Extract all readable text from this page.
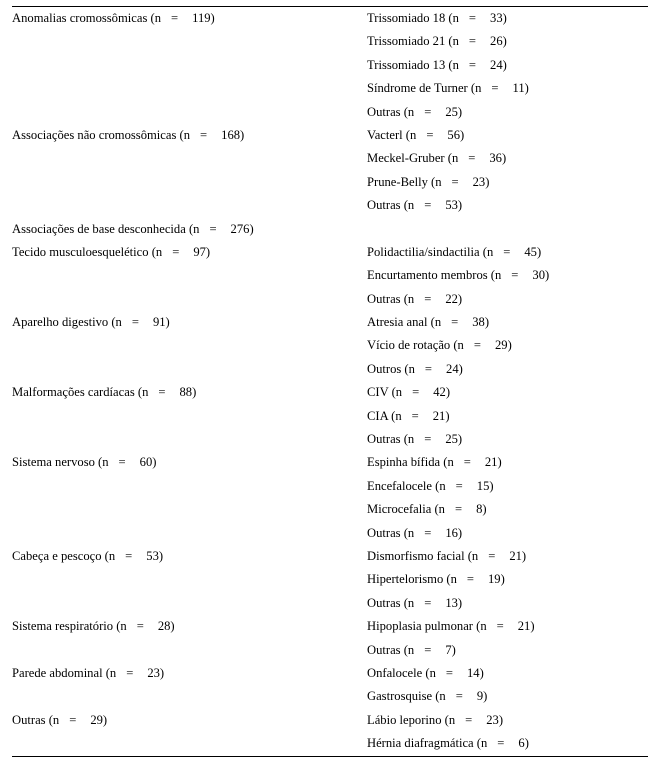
Anomalias cromossômicas (n = 119)	Trissomiado 18 (n = 33)

	Trissomiado 21 (n = 26)

	Trissomiado 13 (n = 24)

	Síndrome de Turner (n = 11)

	Outras (n = 25)

Associações não cromossômicas (n = 168)	Vacterl (n = 56)

	Meckel-Gruber (n = 36)

	Prune-Belly (n = 23)

	Outras (n = 53)

Associações de base desconhecida (n = 276)	

Tecido musculoesquelético (n = 97)	Polidactilia/sindactilia (n = 45)

	Encurtamento membros (n = 30)

	Outras (n = 22)

Aparelho digestivo (n = 91)	Atresia anal (n = 38)

	Vício de rotação (n = 29)

	Outros (n = 24)

Malformações cardíacas (n = 88)	CIV (n = 42)

	CIA (n = 21)

	Outras (n = 25)

Sistema nervoso (n = 60)	Espinha bífida (n = 21)

	Encefalocele (n = 15)

	Microcefalia (n = 8)

	Outras (n = 16)

Cabeça e pescoço (n = 53)	Dismorfismo facial (n = 21)

	Hipertelorismo (n = 19)

	Outras (n = 13)

Sistema respiratório (n = 28)	Hipoplasia pulmonar (n = 21)

	Outras (n = 7)

Parede abdominal (n = 23)	Onfalocele (n = 14)

	Gastrosquise (n = 9)

Outras (n = 29)	Lábio leporino (n = 23)

	Hérnia diafragmática (n = 6)
